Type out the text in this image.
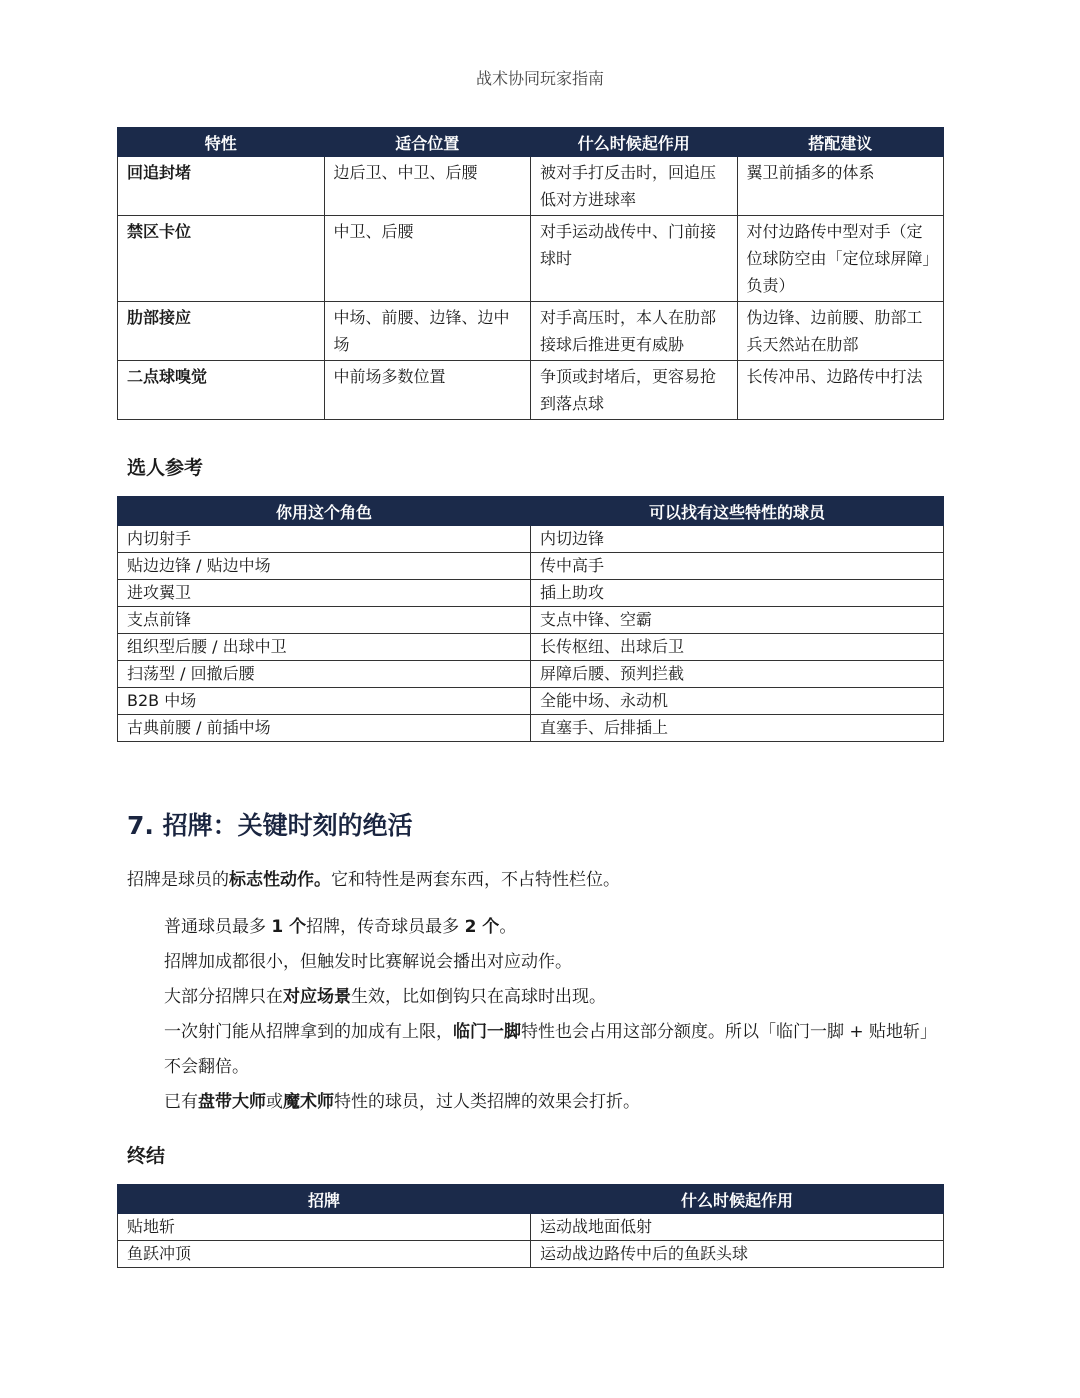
战术协同玩家指南
特性	适合位置	什么时候起作用	搭配建议
回追封堵	边后卫、中卫、后腰	被对手打反击时，回追压低对方进球率	翼卫前插多的体系
禁区卡位	中卫、后腰	对手运动战传中、门前接球时	对付边路传中型对手（定位球防空由「定位球屏障」负责）
肋部接应	中场、前腰、边锋、边中场	对手高压时，本人在肋部接球后推进更有威胁	伪边锋、边前腰、肋部工兵天然站在肋部
二点球嗅觉	中前场多数位置	争顶或封堵后，更容易抢到落点球	长传冲吊、边路传中打法
选人参考
你用这个角色	可以找有这些特性的球员
内切射手	内切边锋
贴边边锋 / 贴边中场	传中高手
进攻翼卫	插上助攻
支点前锋	支点中锋、空霸
组织型后腰 / 出球中卫	长传枢纽、出球后卫
扫荡型 / 回撤后腰	屏障后腰、预判拦截
B2B 中场	全能中场、永动机
古典前腰 / 前插中场	直塞手、后排插上
7. 招牌：关键时刻的绝活
招牌是球员的标志性动作。它和特性是两套东西，不占特性栏位。
普通球员最多 1 个招牌，传奇球员最多 2 个。
招牌加成都很小，但触发时比赛解说会播出对应动作。
大部分招牌只在对应场景生效，比如倒钩只在高球时出现。
一次射门能从招牌拿到的加成有上限，临门一脚特性也会占用这部分额度。所以「临门一脚 + 贴地斩」不会翻倍。
已有盘带大师或魔术师特性的球员，过人类招牌的效果会打折。
终结
招牌	什么时候起作用
贴地斩	运动战地面低射
鱼跃冲顶	运动战边路传中后的鱼跃头球
